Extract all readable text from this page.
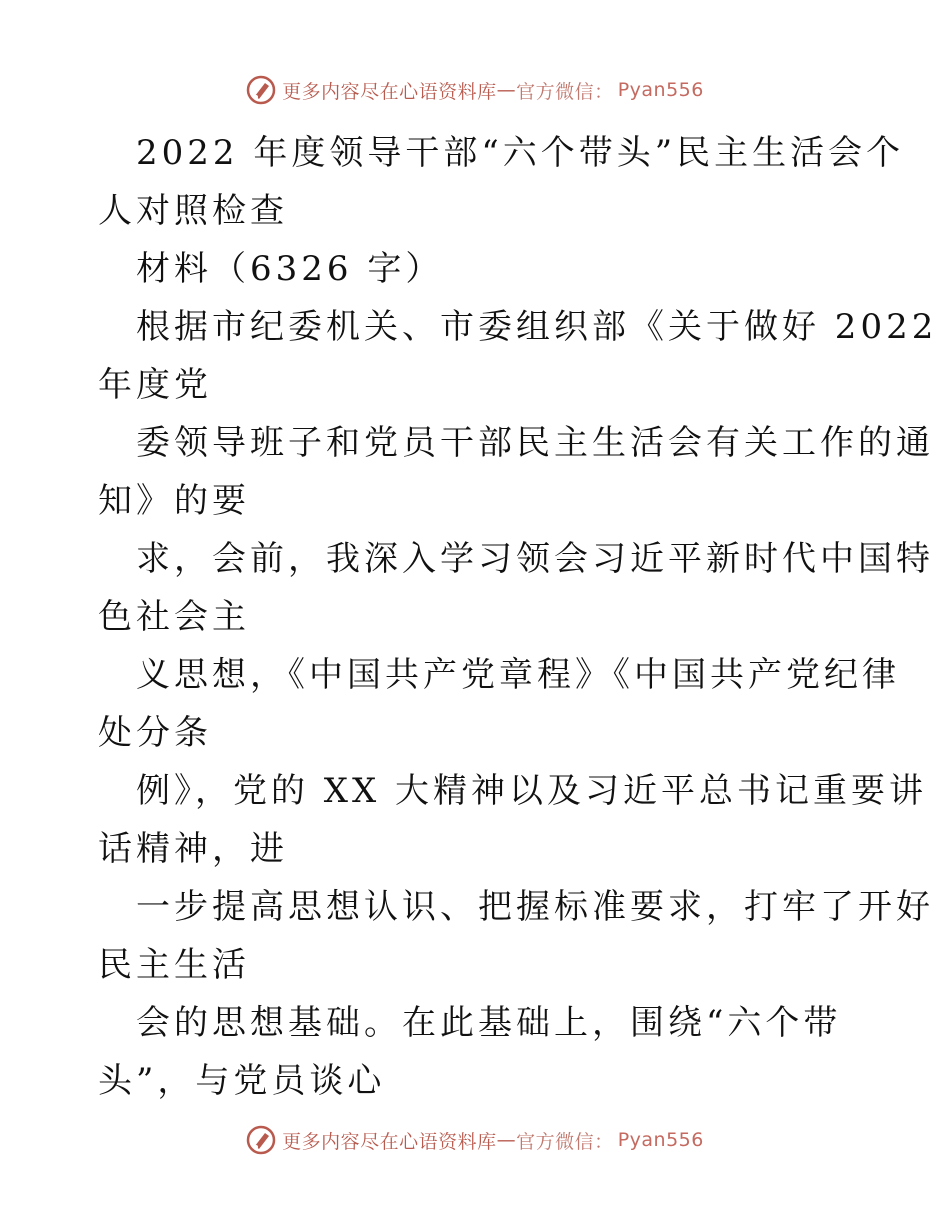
更多内容尽在心语资料库 — 官方微信： Pyan556
2022 年度领导干部“六个带头”民主生活会个
人对照检查
材料（6326 字）
根据市纪委机关、市委组织部《关于做好 2022
年度党
委领导班子和党员干部民主生活会有关工作的通
知》的要
求，会前，我深入学习领会习近平新时代中国特
色社会主
义思想，《中国共产党章程》《中国共产党纪律
处分条
例》，党的 XX 大精神以及习近平总书记重要讲
话精神，进
一步提高思想认识、把握标准要求，打牢了开好
民主生活
会的思想基础。在此基础上，围绕“六个带
头”，与党员谈心
更多内容尽在心语资料库 — 官方微信： Pyan556
